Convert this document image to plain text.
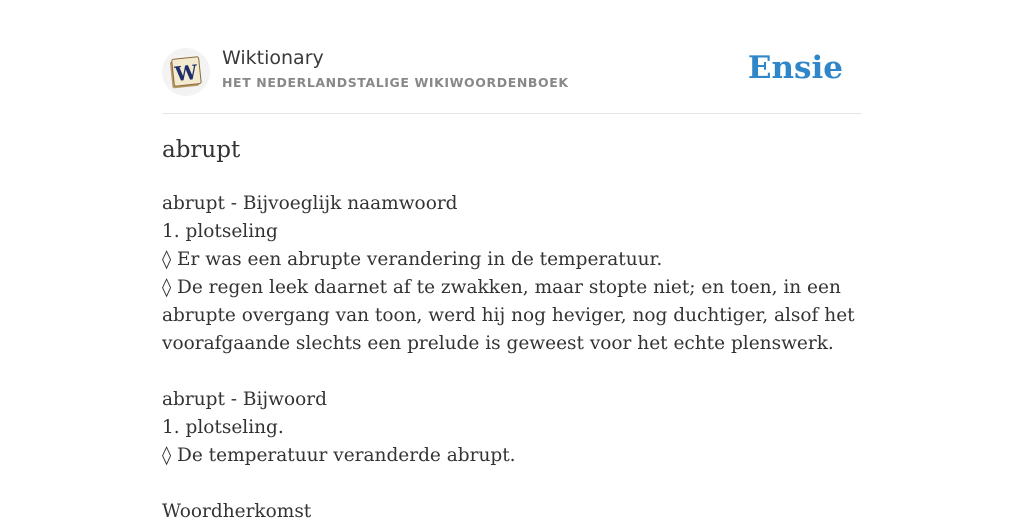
W
Wiktionary
HET NEDERLANDSTALIGE WIKIWOORDENBOEK	Ensie
abrupt
abrupt - Bijvoeglijk naamwoord
1. plotseling
◊ Er was een abrupte verandering in de temperatuur.
◊ De regen leek daarnet af te zwakken, maar stopte niet; en toen, in een abrupte overgang van toon, werd hij nog heviger, nog duchtiger, alsof het voorafgaande slechts een prelude is geweest voor het echte plenswerk.
abrupt - Bijwoord
1. plotseling.
◊ De temperatuur veranderde abrupt.
Woordherkomst
